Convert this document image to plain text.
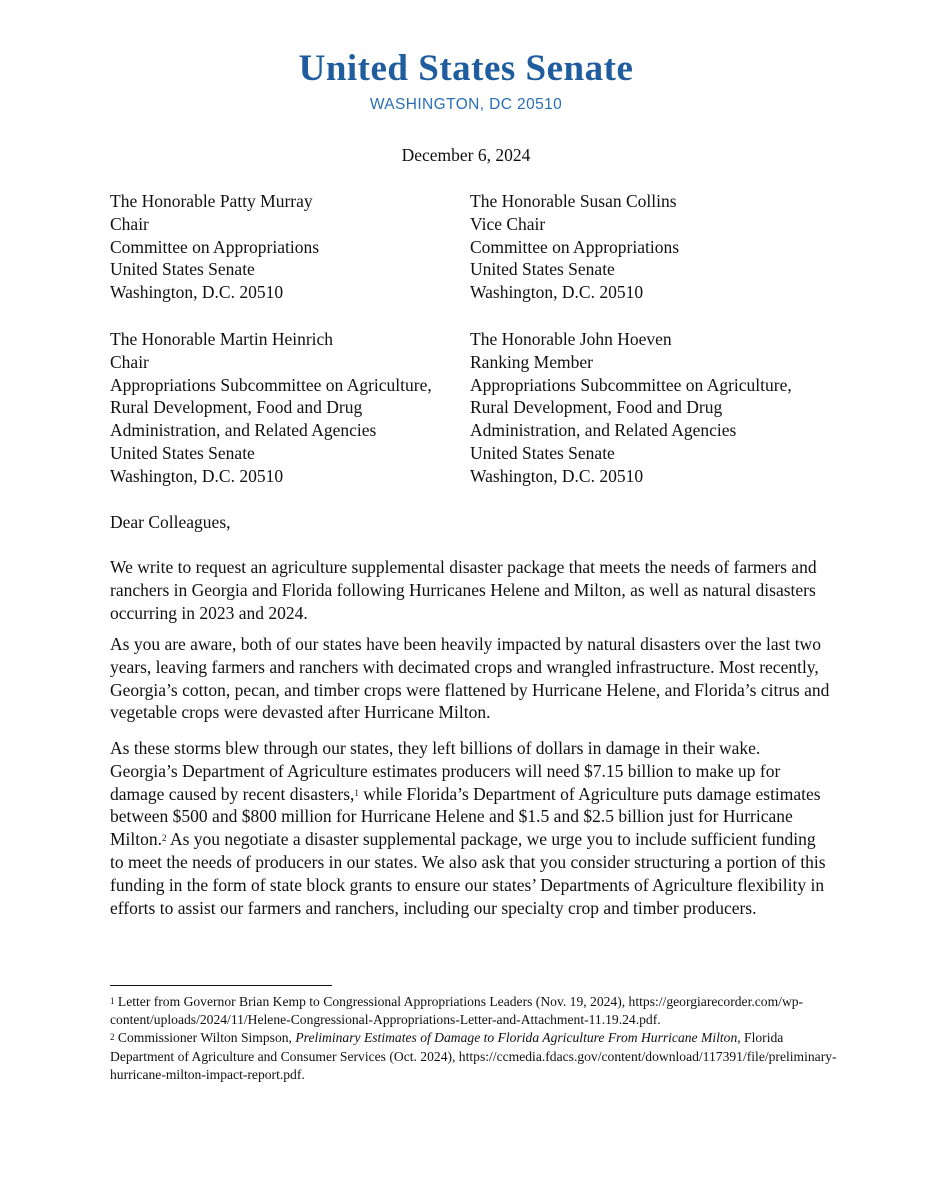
United States Senate
WASHINGTON, DC 20510
December 6, 2024
The Honorable Patty Murray
Chair
Committee on Appropriations
United States Senate
Washington, D.C. 20510
The Honorable Susan Collins
Vice Chair
Committee on Appropriations
United States Senate
Washington, D.C. 20510
The Honorable Martin Heinrich
Chair
Appropriations Subcommittee on Agriculture,
Rural Development, Food and Drug
Administration, and Related Agencies
United States Senate
Washington, D.C. 20510
The Honorable John Hoeven
Ranking Member
Appropriations Subcommittee on Agriculture,
Rural Development, Food and Drug
Administration, and Related Agencies
United States Senate
Washington, D.C. 20510
Dear Colleagues,

We write to request an agriculture supplemental disaster package that meets the needs of farmers and ranchers in Georgia and Florida following Hurricanes Helene and Milton, as well as natural disasters occurring in 2023 and 2024.

As you are aware, both of our states have been heavily impacted by natural disasters over the last two years, leaving farmers and ranchers with decimated crops and wrangled infrastructure. Most recently, Georgia’s cotton, pecan, and timber crops were flattened by Hurricane Helene, and Florida’s citrus and vegetable crops were devasted after Hurricane Milton.

As these storms blew through our states, they left billions of dollars in damage in their wake. Georgia’s Department of Agriculture estimates producers will need $7.15 billion to make up for damage caused by recent disasters,$^1$ while Florida’s Department of Agriculture puts damage estimates between $500 and $800 million for Hurricane Helene and $1.5 and $2.5 billion just for Hurricane Milton.$^2$ As you negotiate a disaster supplemental package, we urge you to include sufficient funding to meet the needs of producers in our states. We also ask that you consider structuring a portion of this funding in the form of state block grants to ensure our states’ Departments of Agriculture flexibility in efforts to assist our farmers and ranchers, including our specialty crop and timber producers.

$^1$ Letter from Governor Brian Kemp to Congressional Appropriations Leaders (Nov. 19, 2024), https://georgiarecorder.com/wp-content/uploads/2024/11/Helene-Congressional-Appropriations-Letter-and-Attachment-11.19.24.pdf.

$^2$ Commissioner Wilton Simpson, Preliminary Estimates of Damage to Florida Agriculture From Hurricane Milton, Florida Department of Agriculture and Consumer Services (Oct. 2024), https://ccmedia.fdacs.gov/content/download/117391/file/preliminary-hurricane-milton-impact-report.pdf.
